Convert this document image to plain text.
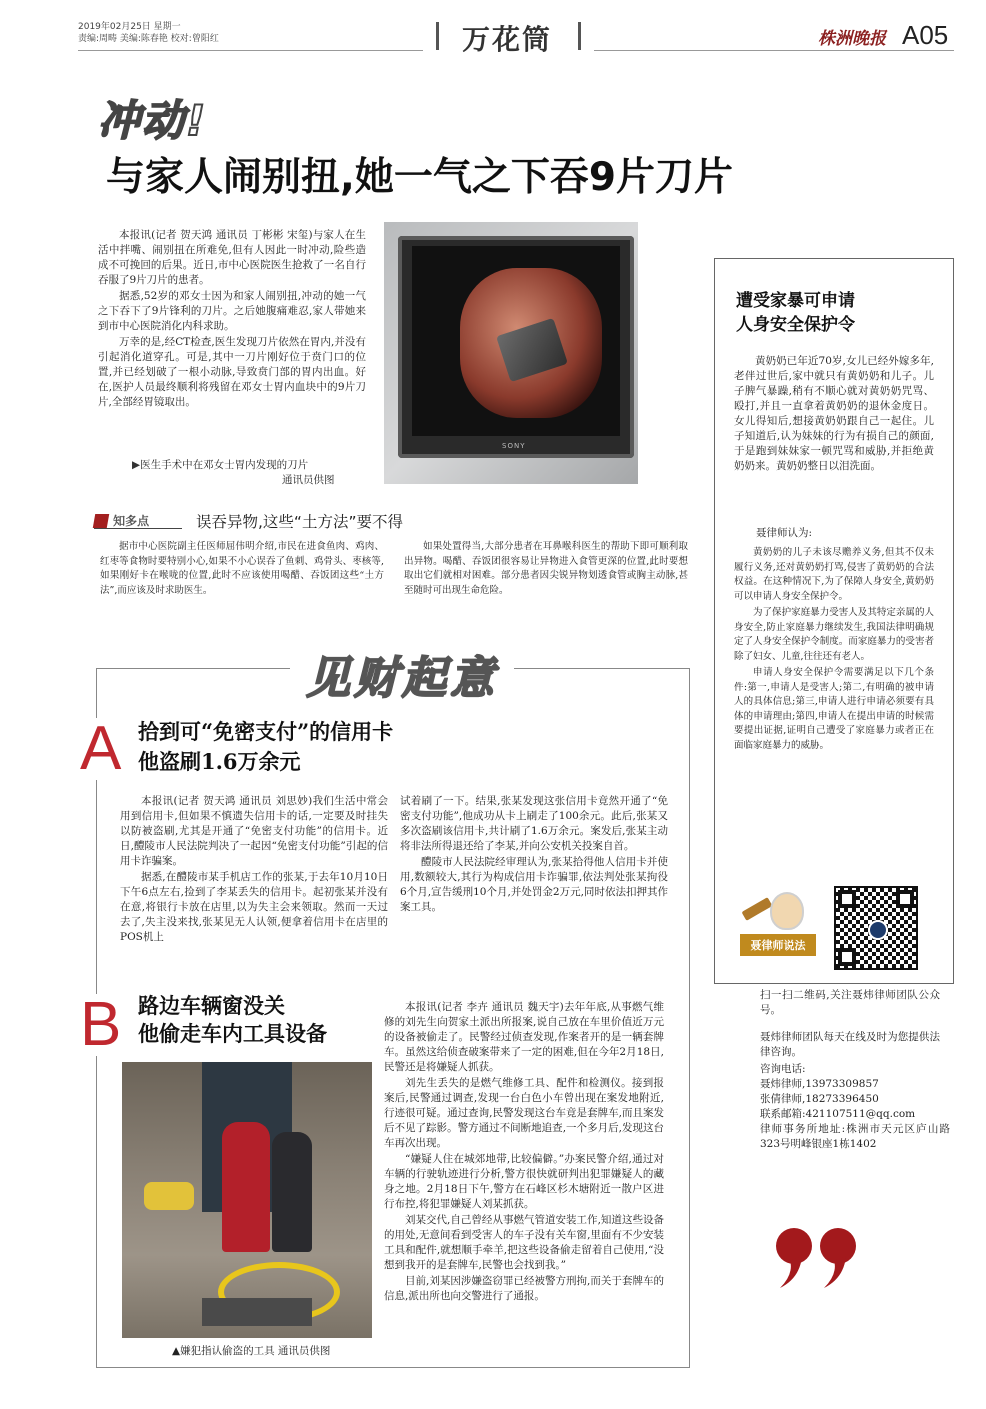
2019年02月25日 星期一
责编:周畴 美编:陈春艳 校对:曾阳红	万花筒	株洲晚报 A05
冲动!
与家人闹别扭,她一气之下吞9片刀片

本报讯(记者 贺天鸿 通讯员 丁彬彬 宋玺)与家人在生活中拌嘴、闹别扭在所难免,但有人因此一时冲动,险些造成不可挽回的后果。近日,市中心医院医生抢救了一名自行吞服了9片刀片的患者。

据悉,52岁的邓女士因为和家人闹别扭,冲动的她一气之下吞下了9片锋利的刀片。之后她腹痛难忍,家人带她来到市中心医院消化内科求助。

万幸的是,经CT检查,医生发现刀片依然在胃内,并没有引起消化道穿孔。可是,其中一刀片刚好位于贲门口的位置,并已经划破了一根小动脉,导致贲门部的胃内出血。好在,医护人员最终顺利将残留在邓女士胃内血块中的9片刀片,全部经胃镜取出。

SONY
▶医生手术中在邓女士胃内发现的刀片
通讯员供图
知多点	误吞异物,这些“土方法”要不得
据市中心医院副主任医师屈伟明介绍,市民在进食鱼肉、鸡肉、红枣等食物时要特别小心,如果不小心误吞了鱼刺、鸡骨头、枣核等,如果刚好卡在喉咙的位置,此时不应该使用喝醋、吞饭团这些“土方法”,而应该及时求助医生。
如果处置得当,大部分患者在耳鼻喉科医生的帮助下即可顺利取出异物。喝醋、吞饭团很容易让异物进入食管更深的位置,此时要想取出它们就相对困难。部分患者因尖锐异物划透食管或胸主动脉,甚至随时可出现生命危险。
见财起意
A 拾到可“免密支付”的信用卡
他盗刷1.6万余元

本报讯(记者 贺天鸿 通讯员 刘思妙)我们生活中常会用到信用卡,但如果不慎遗失信用卡的话,一定要及时挂失以防被盗刷,尤其是开通了“免密支付功能”的信用卡。近日,醴陵市人民法院判决了一起因“免密支付功能”引起的信用卡诈骗案。

据悉,在醴陵市某手机店工作的张某,于去年10月10日下午6点左右,捡到了李某丢失的信用卡。起初张某并没有在意,将银行卡放在店里,以为失主会来领取。然而一天过去了,失主没来找,张某见无人认领,便拿着信用卡在店里的POS机上

试着刷了一下。结果,张某发现这张信用卡竟然开通了“免密支付功能”,他成功从卡上刷走了100余元。此后,张某又多次盗刷该信用卡,共计刷了1.6万余元。案发后,张某主动将非法所得退还给了李某,并向公安机关投案自首。

醴陵市人民法院经审理认为,张某拾得他人信用卡并使用,数额较大,其行为构成信用卡诈骗罪,依法判处张某拘役6个月,宣告缓刑10个月,并处罚金2万元,同时依法扣押其作案工具。

B 路边车辆窗没关
他偷走车内工具设备
▲嫌犯指认偷盗的工具 通讯员供图

本报讯(记者 李卉 通讯员 魏天宇)去年年底,从事燃气维修的刘先生向贺家土派出所报案,说自己放在车里价值近万元的设备被偷走了。民警经过侦查发现,作案者开的是一辆套牌车。虽然这给侦查破案带来了一定的困难,但在今年2月18日,民警还是将嫌疑人抓获。

刘先生丢失的是燃气维修工具、配件和检测仪。接到报案后,民警通过调查,发现一台白色小车曾出现在案发地附近,行迹很可疑。通过查询,民警发现这台车竟是套牌车,而且案发后不见了踪影。警方通过不间断地追查,一个多月后,发现这台车再次出现。

“嫌疑人住在城郊地带,比较偏僻。”办案民警介绍,通过对车辆的行驶轨迹进行分析,警方很快就研判出犯罪嫌疑人的藏身之地。2月18日下午,警方在石峰区杉木塘附近一散户区进行布控,将犯罪嫌疑人刘某抓获。

刘某交代,自己曾经从事燃气管道安装工作,知道这些设备的用处,无意间看到受害人的车子没有关车窗,里面有不少安装工具和配件,就想顺手牵羊,把这些设备偷走留着自己使用,“没想到我开的是套牌车,民警也会找到我。”

目前,刘某因涉嫌盗窃罪已经被警方刑拘,而关于套牌车的信息,派出所也向交警进行了通报。

遭受家暴可申请
人身安全保护令
黄奶奶已年近70岁,女儿已经外嫁多年,老伴过世后,家中就只有黄奶奶和儿子。儿子脾气暴躁,稍有不顺心就对黄奶奶咒骂、殴打,并且一直拿着黄奶奶的退休金度日。女儿得知后,想接黄奶奶跟自己一起住。儿子知道后,认为妹妹的行为有损自己的颜面,于是跑到妹妹家一顿咒骂和威胁,并拒绝黄奶奶来。黄奶奶整日以泪洗面。
聂律师认为:

黄奶奶的儿子未该尽赡养义务,但其不仅未履行义务,还对黄奶奶打骂,侵害了黄奶奶的合法权益。在这种情况下,为了保障人身安全,黄奶奶可以申请人身安全保护令。

为了保护家庭暴力受害人及其特定亲属的人身安全,防止家庭暴力继续发生,我国法律明确规定了人身安全保护令制度。而家庭暴力的受害者除了妇女、儿童,往往还有老人。

申请人身安全保护令需要满足以下几个条件:第一,申请人是受害人;第二,有明确的被申请人的具体信息;第三,申请人进行申请必须要有具体的申请理由;第四,申请人在提出申请的时候需要提出证据,证明自己遭受了家庭暴力或者正在面临家庭暴力的威胁。

聂律师说法
扫一扫二维码,关注聂炜律师团队公众号。
聂炜律师团队每天在线及时为您提供法律咨询。
咨询电话:
聂炜律师,13973309857
张倩律师,18273396450
联系邮箱:421107511@qq.com
律师事务所地址:株洲市天元区庐山路323号明峰银座1栋1402
